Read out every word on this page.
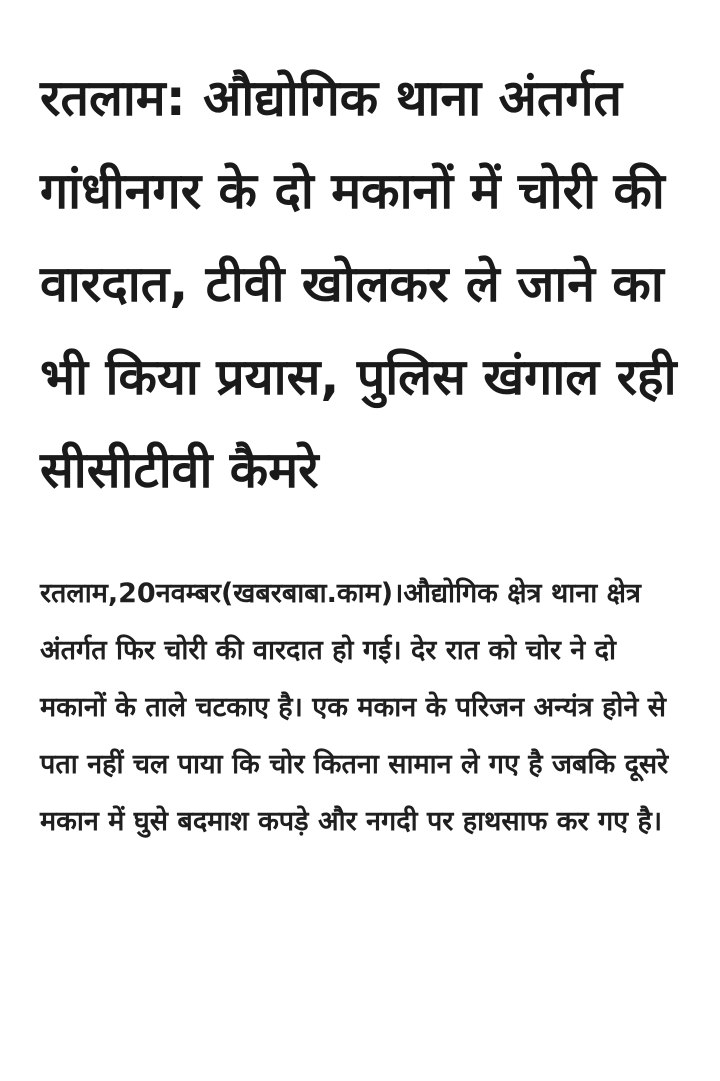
रतलाम: औद्योगिक थाना अंतर्गत गांधीनगर के दो मकानों में चोरी की वारदात, टीवी खोलकर ले जाने का भी किया प्रयास, पुलिस खंगाल रही सीसीटीवी कैमरे

रतलाम,20नवम्बर(खबरबाबा.काम)।औद्योगिक क्षेत्र थाना क्षेत्र अंतर्गत फिर चोरी की वारदात हो गई। देर रात को चोर ने दो मकानों के ताले चटकाए है। एक मकान के परिजन अन्यंत्र होने से पता नहीं चल पाया कि चोर कितना सामान ले गए है जबकि दूसरे मकान में घुसे बदमाश कपड़े और नगदी पर हाथसाफ कर गए है।
